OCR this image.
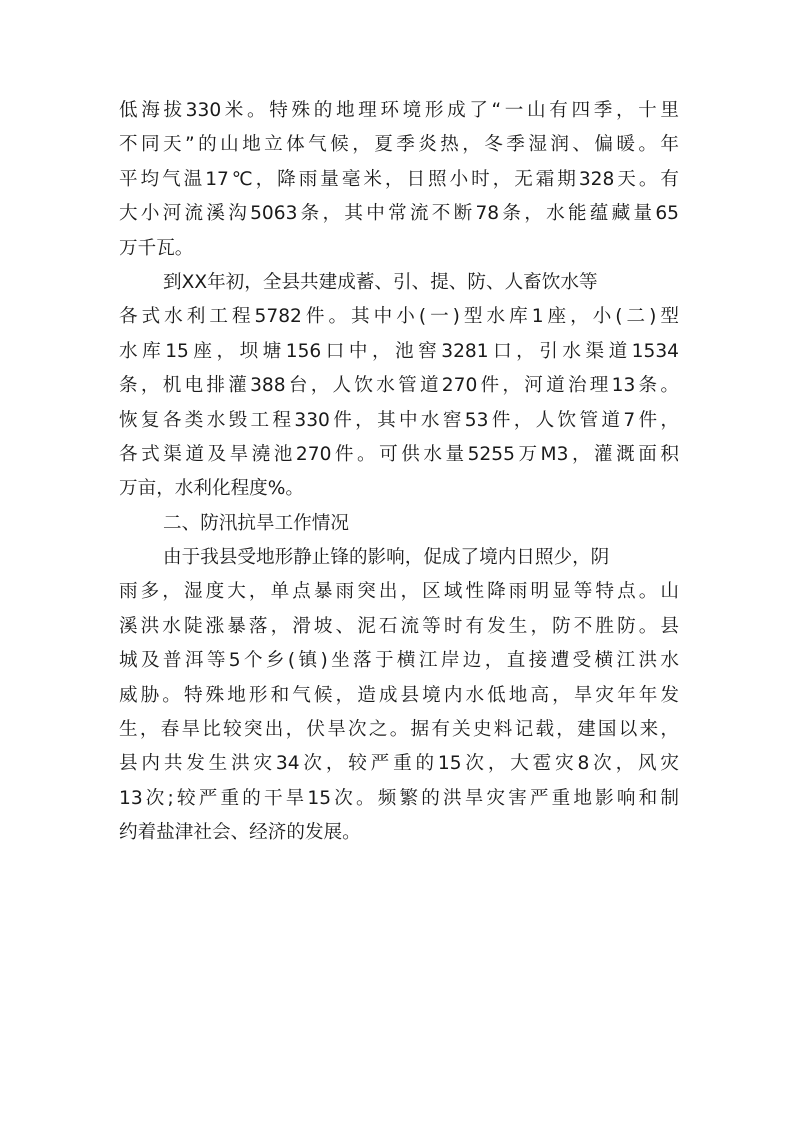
低海拔330米。特殊的地理环境形成了“一山有四季，十里
不同天”的山地立体气候，夏季炎热，冬季湿润、偏暖。年
平均气温17℃，降雨量毫米，日照小时，无霜期328天。有
大小河流溪沟5063条，其中常流不断78条，水能蕴藏量65
万千瓦。
到XX年初，全县共建成蓄、引、提、防、人畜饮水等
各式水利工程5782件。其中小(一)型水库1座，小(二)型
水库15座，坝塘156口中，池窖3281口，引水渠道1534
条，机电排灌388台，人饮水管道270件，河道治理13条。
恢复各类水毁工程330件，其中水窖53件，人饮管道7件，
各式渠道及旱澆池270件。可供水量5255万M3，灌溉面积
万亩，水利化程度%。
二、防汛抗旱工作情况
由于我县受地形静止锋的影响，促成了境内日照少，阴
雨多，湿度大，单点暴雨突出，区域性降雨明显等特点。山
溪洪水陡涨暴落，滑坡、泥石流等时有发生，防不胜防。县
城及普洱等5个乡(镇)坐落于横江岸边，直接遭受横江洪水
威胁。特殊地形和气候，造成县境内水低地高，旱灾年年发
生，春旱比较突出，伏旱次之。据有关史料记载，建国以来，
县内共发生洪灾34次，较严重的15次，大雹灾8次，风灾
13次;较严重的干旱15次。频繁的洪旱灾害严重地影响和制
约着盐津社会、经济的发展。
